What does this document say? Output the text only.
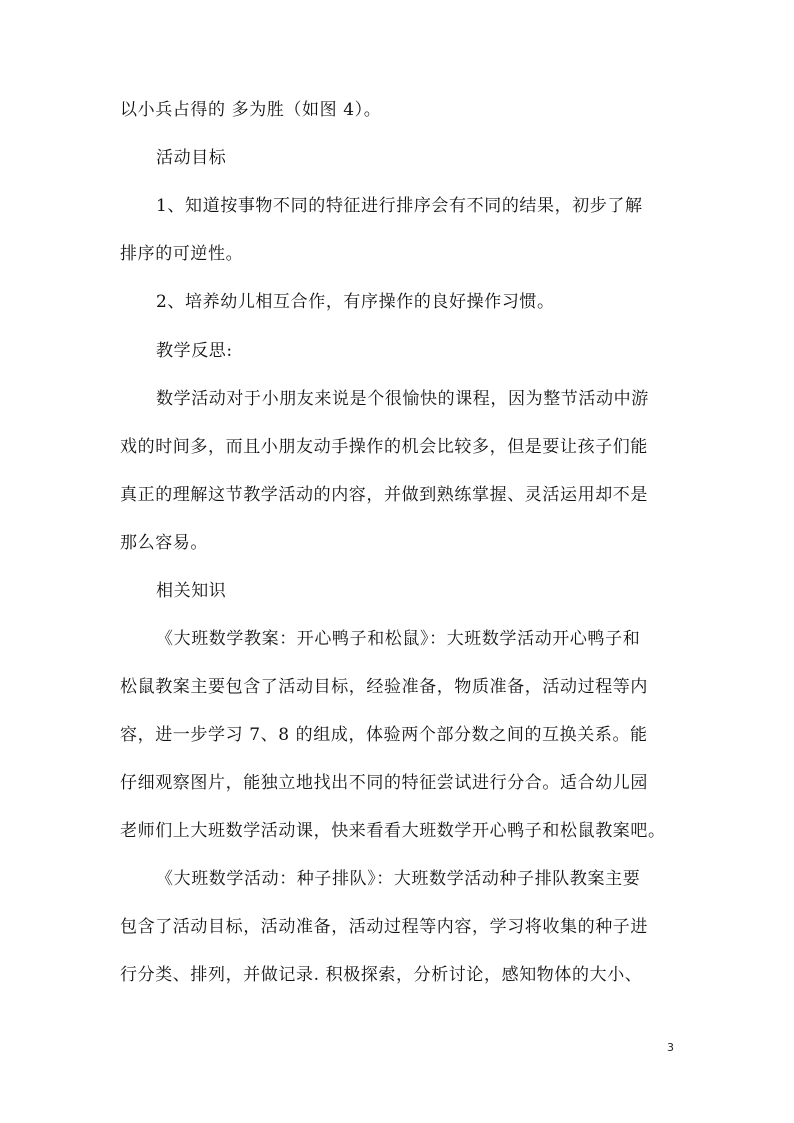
以小兵占得的 多为胜（如图 4）。
活动目标
1、知道按事物不同的特征进行排序会有不同的结果，初步了解
排序的可逆性。
2、培养幼儿相互合作，有序操作的良好操作习惯。
教学反思:
数学活动对于小朋友来说是个很愉快的课程，因为整节活动中游
戏的时间多，而且小朋友动手操作的机会比较多，但是要让孩子们能
真正的理解这节教学活动的内容，并做到熟练掌握、灵活运用却不是
那么容易。
相关知识
《大班数学教案：开心鸭子和松鼠》：大班数学活动开心鸭子和
松鼠教案主要包含了活动目标，经验准备，物质准备，活动过程等内
容，进一步学习 7、8 的组成，体验两个部分数之间的互换关系。能
仔细观察图片，能独立地找出不同的特征尝试进行分合。适合幼儿园
老师们上大班数学活动课，快来看看大班数学开心鸭子和松鼠教案吧。
《大班数学活动：种子排队》：大班数学活动种子排队教案主要
包含了活动目标，活动准备，活动过程等内容，学习将收集的种子进
行分类、排列，并做记录. 积极探索，分析讨论，感知物体的大小、
3
